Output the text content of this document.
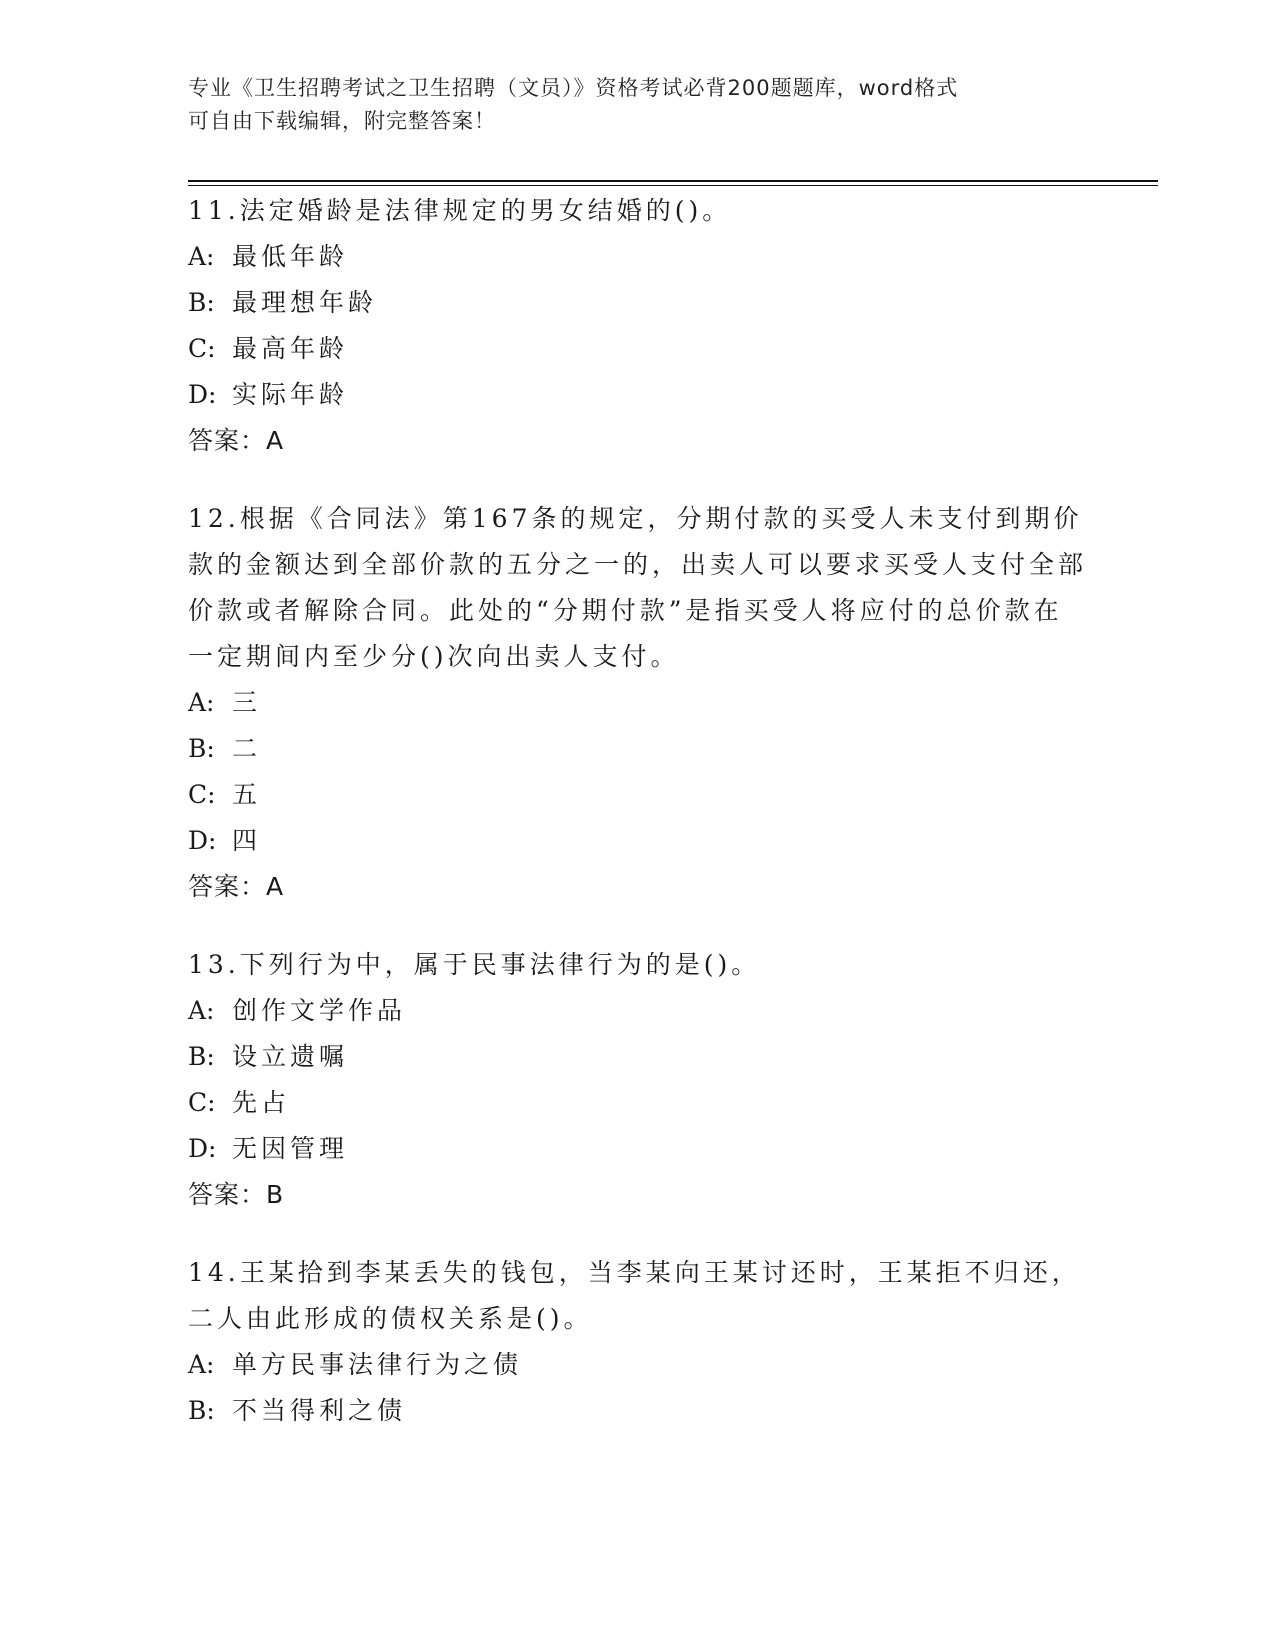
专业《卫生招聘考试之卫生招聘（文员）》资格考试必背200题题库，word格式
可自由下载编辑，附完整答案！

11.法定婚龄是法律规定的男女结婚的()。

A: 最低年龄
B: 最理想年龄
C: 最高年龄
D: 实际年龄

答案：A

12.根据《合同法》第167条的规定，分期付款的买受人未支付到期价款的金额达到全部价款的五分之一的，出卖人可以要求买受人支付全部价款或者解除合同。此处的“分期付款”是指买受人将应付的总价款在一定期间内至少分()次向出卖人支付。

A: 三
B: 二
C: 五
D: 四

答案：A

13.下列行为中，属于民事法律行为的是()。

A: 创作文学作品
B: 设立遗嘱
C: 先占
D: 无因管理

答案：B

14.王某拾到李某丢失的钱包，当李某向王某讨还时，王某拒不归还，二人由此形成的债权关系是()。

A: 单方民事法律行为之债
B: 不当得利之债
